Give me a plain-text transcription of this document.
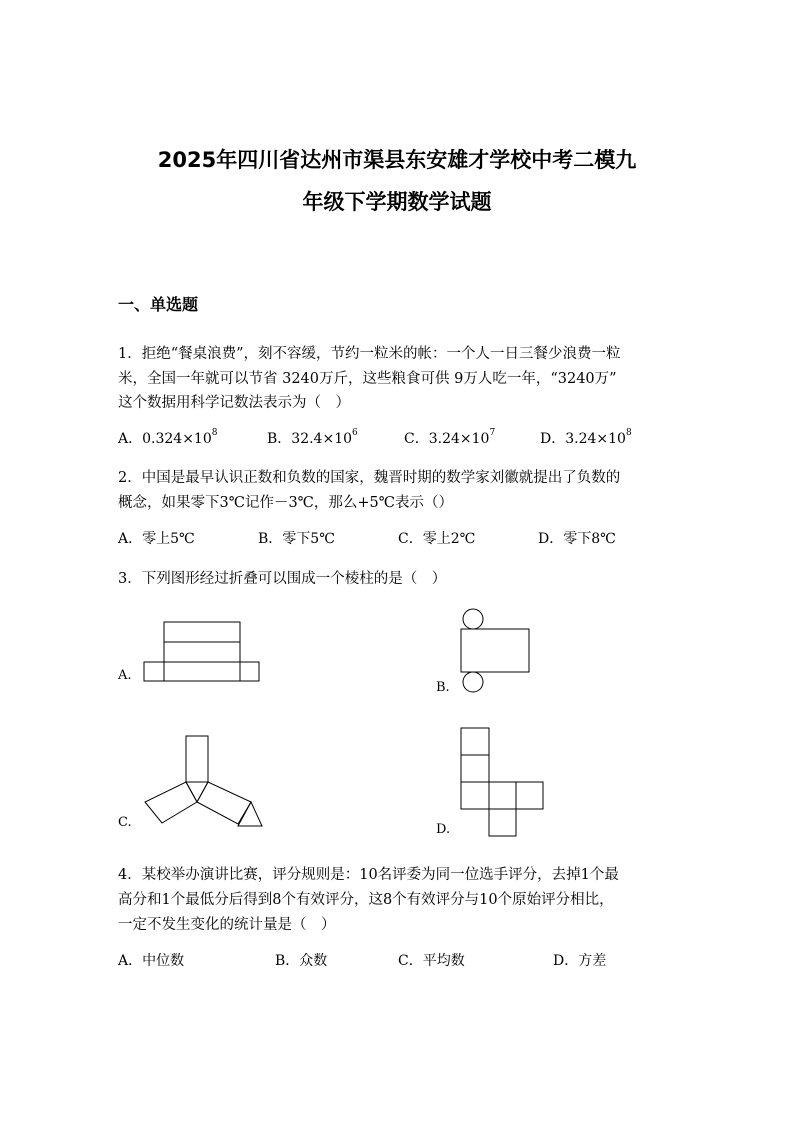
2025年四川省达州市渠县东安雄才学校中考二模九
年级下学期数学试题
一、单选题
1．拒绝“餐桌浪费”，刻不容缓，节约一粒米的帐：一个人一日三餐少浪费一粒
米，全国一年就可以节省 3240万斤，这些粮食可供 9万人吃一年，“3240万”
这个数据用科学记数法表示为（　）
A．$0.324\times 10^8$	B．$32.4\times 10^6$	C．$3.24\times 10^7$	D．$3.24\times 10^8$
2．中国是最早认识正数和负数的国家，魏晋时期的数学家刘徽就提出了负数的
概念，如果零下3℃记作－3℃，那么+5℃表示（）
A．零上5℃	B．零下5℃	C．零上2℃	D．零下8℃
3．下列图形经过折叠可以围成一个棱柱的是（　）
A.
B.
C.	D.
4．某校举办演讲比赛，评分规则是：10名评委为同一位选手评分，去掉1个最
高分和1个最低分后得到8个有效评分，这8个有效评分与10个原始评分相比，
一定不发生变化的统计量是（　）
A．中位数	B．众数	C．平均数	D．方差
